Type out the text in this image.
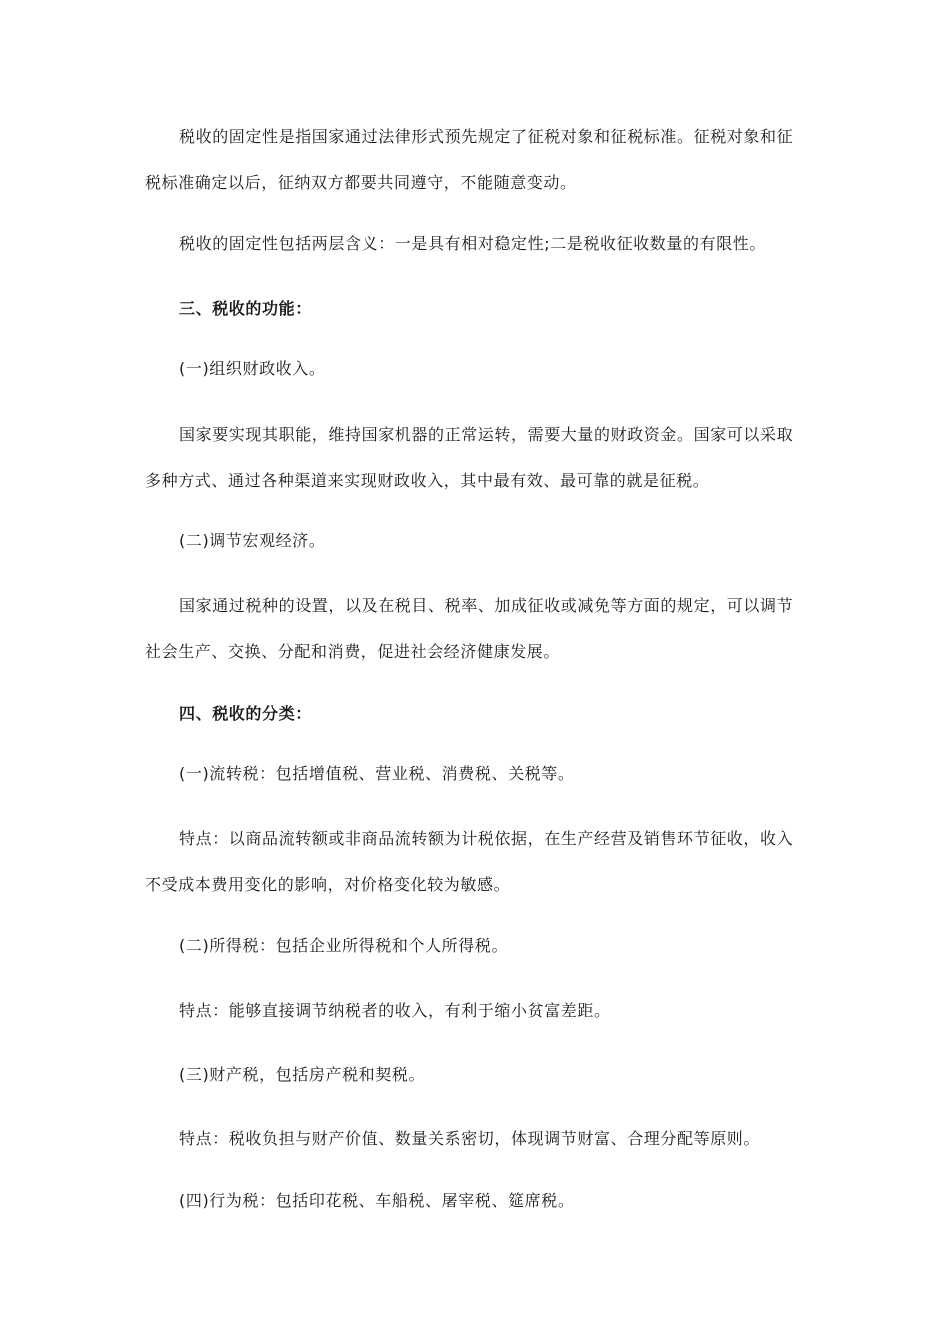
税收的固定性是指国家通过法律形式预先规定了征税对象和征税标准。征税对象和征税标准确定以后，征纳双方都要共同遵守，不能随意变动。

税收的固定性包括两层含义：一是具有相对稳定性;二是税收征收数量的有限性。

三、税收的功能：

(一)组织财政收入。

国家要实现其职能，维持国家机器的正常运转，需要大量的财政资金。国家可以采取多种方式、通过各种渠道来实现财政收入，其中最有效、最可靠的就是征税。

(二)调节宏观经济。

国家通过税种的设置，以及在税目、税率、加成征收或减免等方面的规定，可以调节社会生产、交换、分配和消费，促进社会经济健康发展。

四、税收的分类：

(一)流转税：包括增值税、营业税、消费税、关税等。

特点：以商品流转额或非商品流转额为计税依据，在生产经营及销售环节征收，收入不受成本费用变化的影响，对价格变化较为敏感。

(二)所得税：包括企业所得税和个人所得税。

特点：能够直接调节纳税者的收入，有利于缩小贫富差距。

(三)财产税，包括房产税和契税。

特点：税收负担与财产价值、数量关系密切，体现调节财富、合理分配等原则。

(四)行为税：包括印花税、车船税、屠宰税、筵席税。
